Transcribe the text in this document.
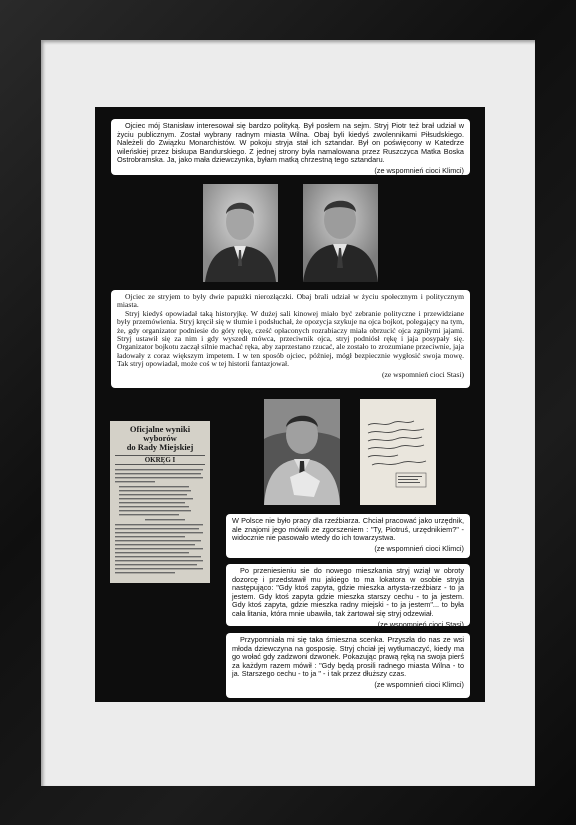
Ojciec mój Stanisław interesował się bardzo polityką. Był posłem na sejm. Stryj Piotr też brał udział w życiu publicznym. Został wybrany radnym miasta Wilna. Obaj byli kiedyś zwolennikami Piłsudskiego. Należeli do Związku Monarchistów. W pokoju stryja stał ich sztandar. Był on poświęcony w Katedrze wileńskiej przez biskupa Bandurskiego. Z jednej strony była namalowana przez Ruszczyca Matka Boska Ostrobramska. Ja, jako mała dziewczynka, byłam matką chrzestną tego sztandaru.

(ze wspomnień cioci Klimci)

Ojciec ze stryjem to były dwie papużki nierozłączki. Obaj brali udział w życiu społecznym i politycznym miasta.

Stryj kiedyś opowiadał taką historyjkę. W dużej sali kinowej miało być zebranie polityczne i przewidziane były przemówienia. Stryj kręcił się w tłumie i podsłuchał, że opozycja szykuje na ojca bojkot, polegający na tym, że, gdy organizator podniesie do góry rękę, cześć opłaconych rozrabiaczy miała obrzucić ojca zgniłymi jajami. Stryj ustawił się za nim i gdy wyszedł mówca, przeciwnik ojca, stryj podniósł rękę i jaja posypały się. Organizator bojkotu zaczął silnie machać ręka, aby zaprzestano rzucać, ale zostało to zrozumiane przeciwnie, jaja ładowały z coraz większym impetem. I w ten sposób ojciec, później, mógł bezpiecznie wygłosić swoja mowę. Tak stryj opowiadał, może coś w tej historii fantazjował.

(ze wspomnień cioci Stasi)
Oficjalne wyniki wyborów
do Rady Miejskiej
OKRĘG I

W Polsce nie było pracy dla rzeźbiarza. Chciał pracować jako urzędnik, ale znajomi jego mówili ze zgorszeniem : "Ty, Piotruś, urzędnikiem?" - widocznie nie pasowało wtedy do ich towarzystwa.

(ze wspomnień cioci Klimci)

Po przeniesieniu sie do nowego mieszkania stryj wziął w obroty dozorcę i przedstawił mu jakiego to ma lokatora w osobie stryja następująco: "Gdy ktoś zapyta, gdzie mieszka artysta-rzeźbiarz - to ja jestem. Gdy ktoś zapyta gdzie mieszka starszy cechu - to ja jestem. Gdy ktoś zapyta, gdzie mieszka radny miejski - to ja jestem"... to była cała litania, która mnie ubawiła, tak żartował się stryj odzewiał.

(ze wspomnień cioci Stasi)

Przypomniała mi się taka śmieszna scenka. Przyszła do nas ze wsi młoda dziewczyna na gosposię. Stryj chciał jej wytłumaczyć, kiedy ma go wołać gdy zadzwoni dzwonek. Pokazując prawą ręką na swoja pierś za każdym razem mówił : "Gdy będą prosili radnego miasta Wilna - to ja. Starszego cechu - to ja " - i tak przez dłuższy czas.

(ze wspomnień cioci Klimci)
